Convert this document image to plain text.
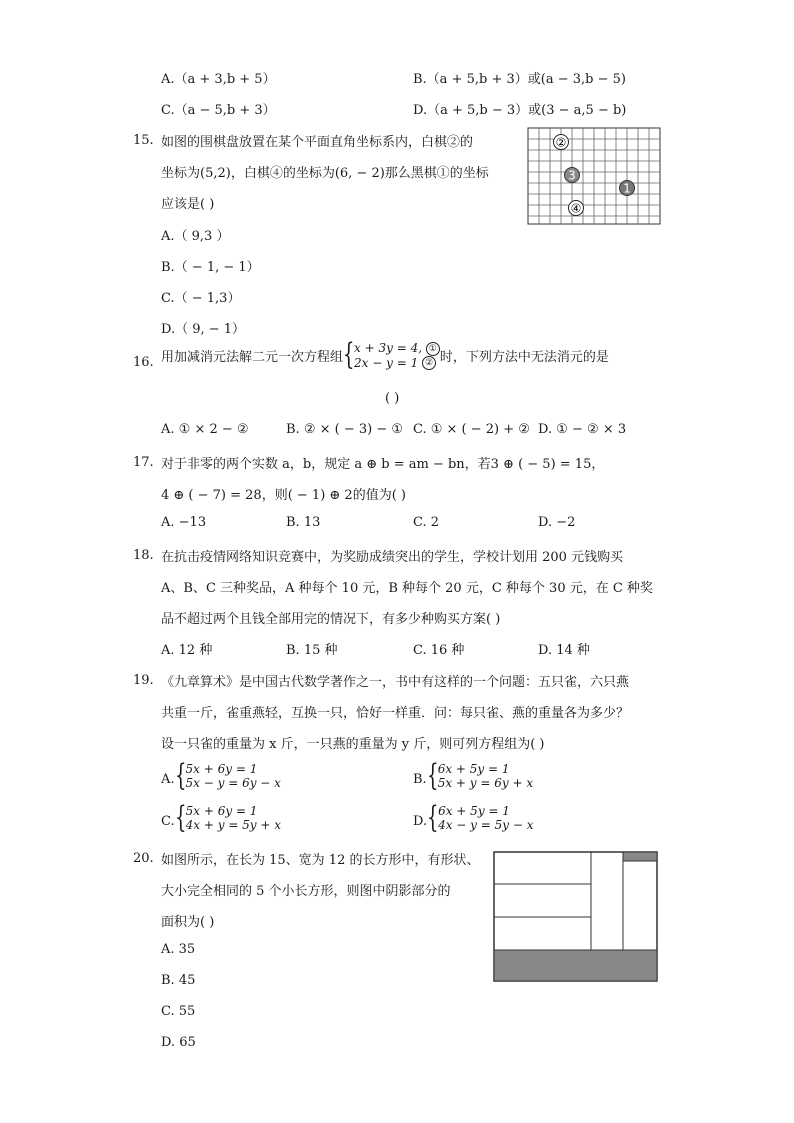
A.（a + 3,b + 5）	B.（a + 5,b + 3）或(a − 3,b − 5)
C.（a − 5,b + 3）	D.（a + 5,b − 3）或(3 − a,5 − b)
15. 如图的围棋盘放置在某个平面直角坐标系内，白棋②的
坐标为(5,2)，白棋④的坐标为(6, − 2)那么黑棋①的坐标
应该是( )
A.（ 9,3 ）
B.（ − 1, − 1）
C.（ − 1,3）
D.（ 9, − 1）
②
3
1
④
16. 用加减消元法解二元一次方程组 { x + 3y = 4, ①
2x − y = 1 ② 时，下列方法中无法消元的是
( )
A. ① × 2 − ②	B. ② × ( − 3) − ① C. ① × ( − 2) + ② D. ① − ② × 3
17. 对于非零的两个实数 a，b，规定 a ⊕ b = am − bn，若3 ⊕ ( − 5) = 15，
4 ⊕ ( − 7) = 28，则( − 1) ⊕ 2的值为( )
A. −13	B. 13	C. 2	D. −2
18. 在抗击疫情网络知识竞赛中，为奖励成绩突出的学生，学校计划用 200 元钱购买
A、B、C 三种奖品，A 种每个 10 元，B 种每个 20 元，C 种每个 30 元，在 C 种奖
品不超过两个且钱全部用完的情况下，有多少种购买方案( )
A. 12 种	B. 15 种	C. 16 种	D. 14 种
19. 《九章算术》是中国古代数学著作之一，书中有这样的一个问题：五只雀，六只燕
共重一斤，雀重燕轻，互换一只，恰好一样重．问：每只雀、燕的重量各为多少？
设一只雀的重量为 x 斤，一只燕的重量为 y 斤，则可列方程组为( )
A. { 5x + 6y = 1
5x − y = 6y − x	B. { 6x + 5y = 1
5x + y = 6y + x
C. { 5x + 6y = 1
4x + y = 5y + x	D. { 6x + 5y = 1
4x − y = 5y − x
20. 如图所示，在长为 15、宽为 12 的长方形中，有形状、
大小完全相同的 5 个小长方形，则图中阴影部分的
面积为( )
A. 35
B. 45
C. 55
D. 65
